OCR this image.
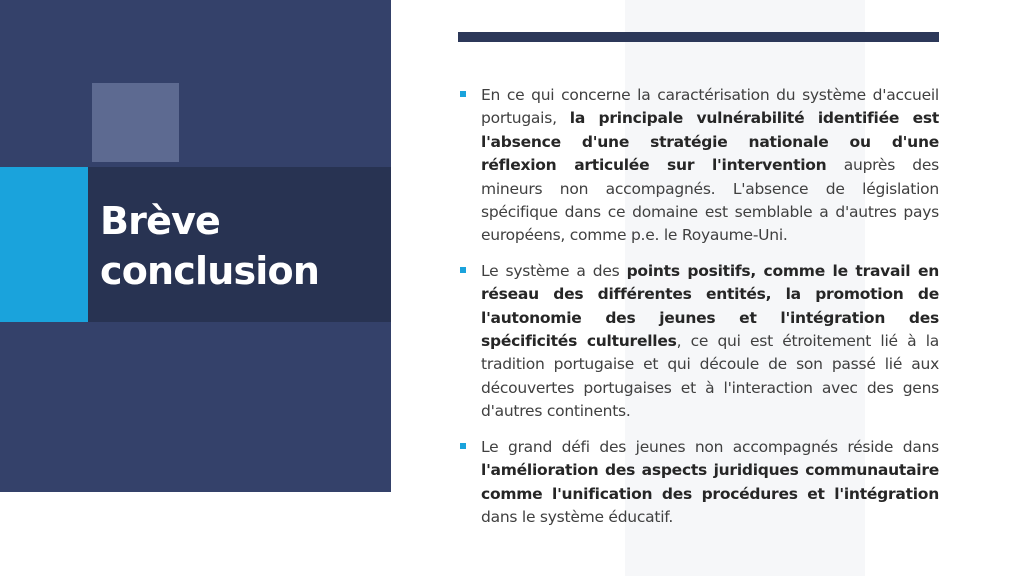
Brève
conclusion
En ce qui concerne la caractérisation du système d'accueil portugais, la principale vulnérabilité identifiée est l'absence d'une stratégie nationale ou d'une réflexion articulée sur l'intervention auprès des mineurs non accompagnés. L'absence de législation spécifique dans ce domaine est semblable a d'autres pays européens, comme p.e. le Royaume-Uni.
Le système a des points positifs, comme le travail en réseau des différentes entités, la promotion de l'autonomie des jeunes et l'intégration des spécificités culturelles, ce qui est étroitement lié à la tradition portugaise et qui découle de son passé lié aux découvertes portugaises et à l'interaction avec des gens d'autres continents.
Le grand défi des jeunes non accompagnés réside dans l'amélioration des aspects juridiques communautaire comme l'unification des procédures et l'intégration dans le système éducatif.
